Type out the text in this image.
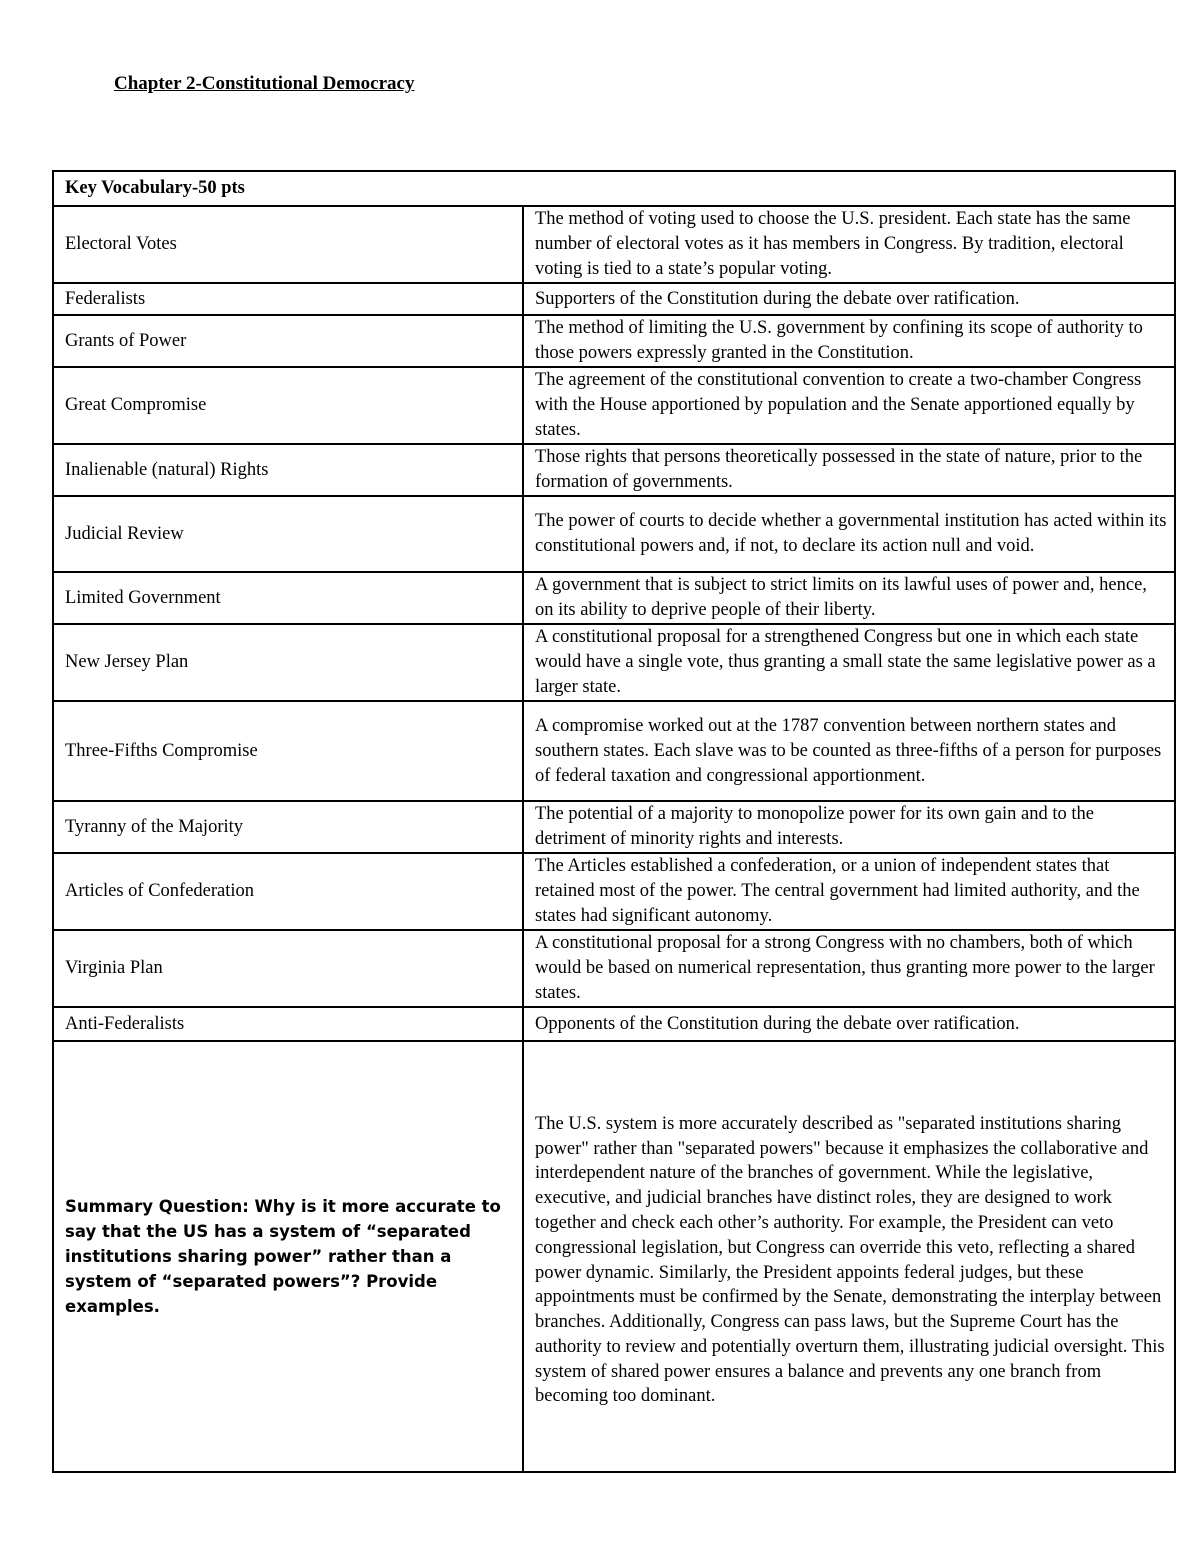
Chapter 2-Constitutional Democracy
Key Vocabulary-50 pts	
Electoral Votes	The method of voting used to choose the U.S. president. Each state has the same number of electoral votes as it has members in Congress. By tradition, electoral voting is tied to a state’s popular voting.
Federalists	Supporters of the Constitution during the debate over ratification.
Grants of Power	The method of limiting the U.S. government by confining its scope of authority to those powers expressly granted in the Constitution.
Great Compromise	The agreement of the constitutional convention to create a two-chamber Congress with the House apportioned by population and the Senate apportioned equally by states.
Inalienable (natural) Rights	Those rights that persons theoretically possessed in the state of nature, prior to the formation of governments.
Judicial Review	The power of courts to decide whether a governmental institution has acted within its constitutional powers and, if not, to declare its action null and void.
Limited Government	A government that is subject to strict limits on its lawful uses of power and, hence, on its ability to deprive people of their liberty.
New Jersey Plan	A constitutional proposal for a strengthened Congress but one in which each state would have a single vote, thus granting a small state the same legislative power as a larger state.
Three-Fifths Compromise	A compromise worked out at the 1787 convention between northern states and southern states. Each slave was to be counted as three-fifths of a person for purposes of federal taxation and congressional apportionment.
Tyranny of the Majority	The potential of a majority to monopolize power for its own gain and to the detriment of minority rights and interests.
Articles of Confederation	The Articles established a confederation, or a union of independent states that retained most of the power. The central government had limited authority, and the states had significant autonomy.
Virginia Plan	A constitutional proposal for a strong Congress with no chambers, both of which would be based on numerical representation, thus granting more power to the larger states.
Anti-Federalists	Opponents of the Constitution during the debate over ratification.
Summary Question: Why is it more accurate to say that the US has a system of “separated institutions sharing power” rather than a system of “separated powers”? Provide examples.	The U.S. system is more accurately described as "separated institutions sharing power" rather than "separated powers" because it emphasizes the collaborative and interdependent nature of the branches of government. While the legislative, executive, and judicial branches have distinct roles, they are designed to work together and check each other’s authority. For example, the President can veto congressional legislation, but Congress can override this veto, reflecting a shared power dynamic. Similarly, the President appoints federal judges, but these appointments must be confirmed by the Senate, demonstrating the interplay between branches. Additionally, Congress can pass laws, but the Supreme Court has the authority to review and potentially overturn them, illustrating judicial oversight. This system of shared power ensures a balance and prevents any one branch from becoming too dominant.
